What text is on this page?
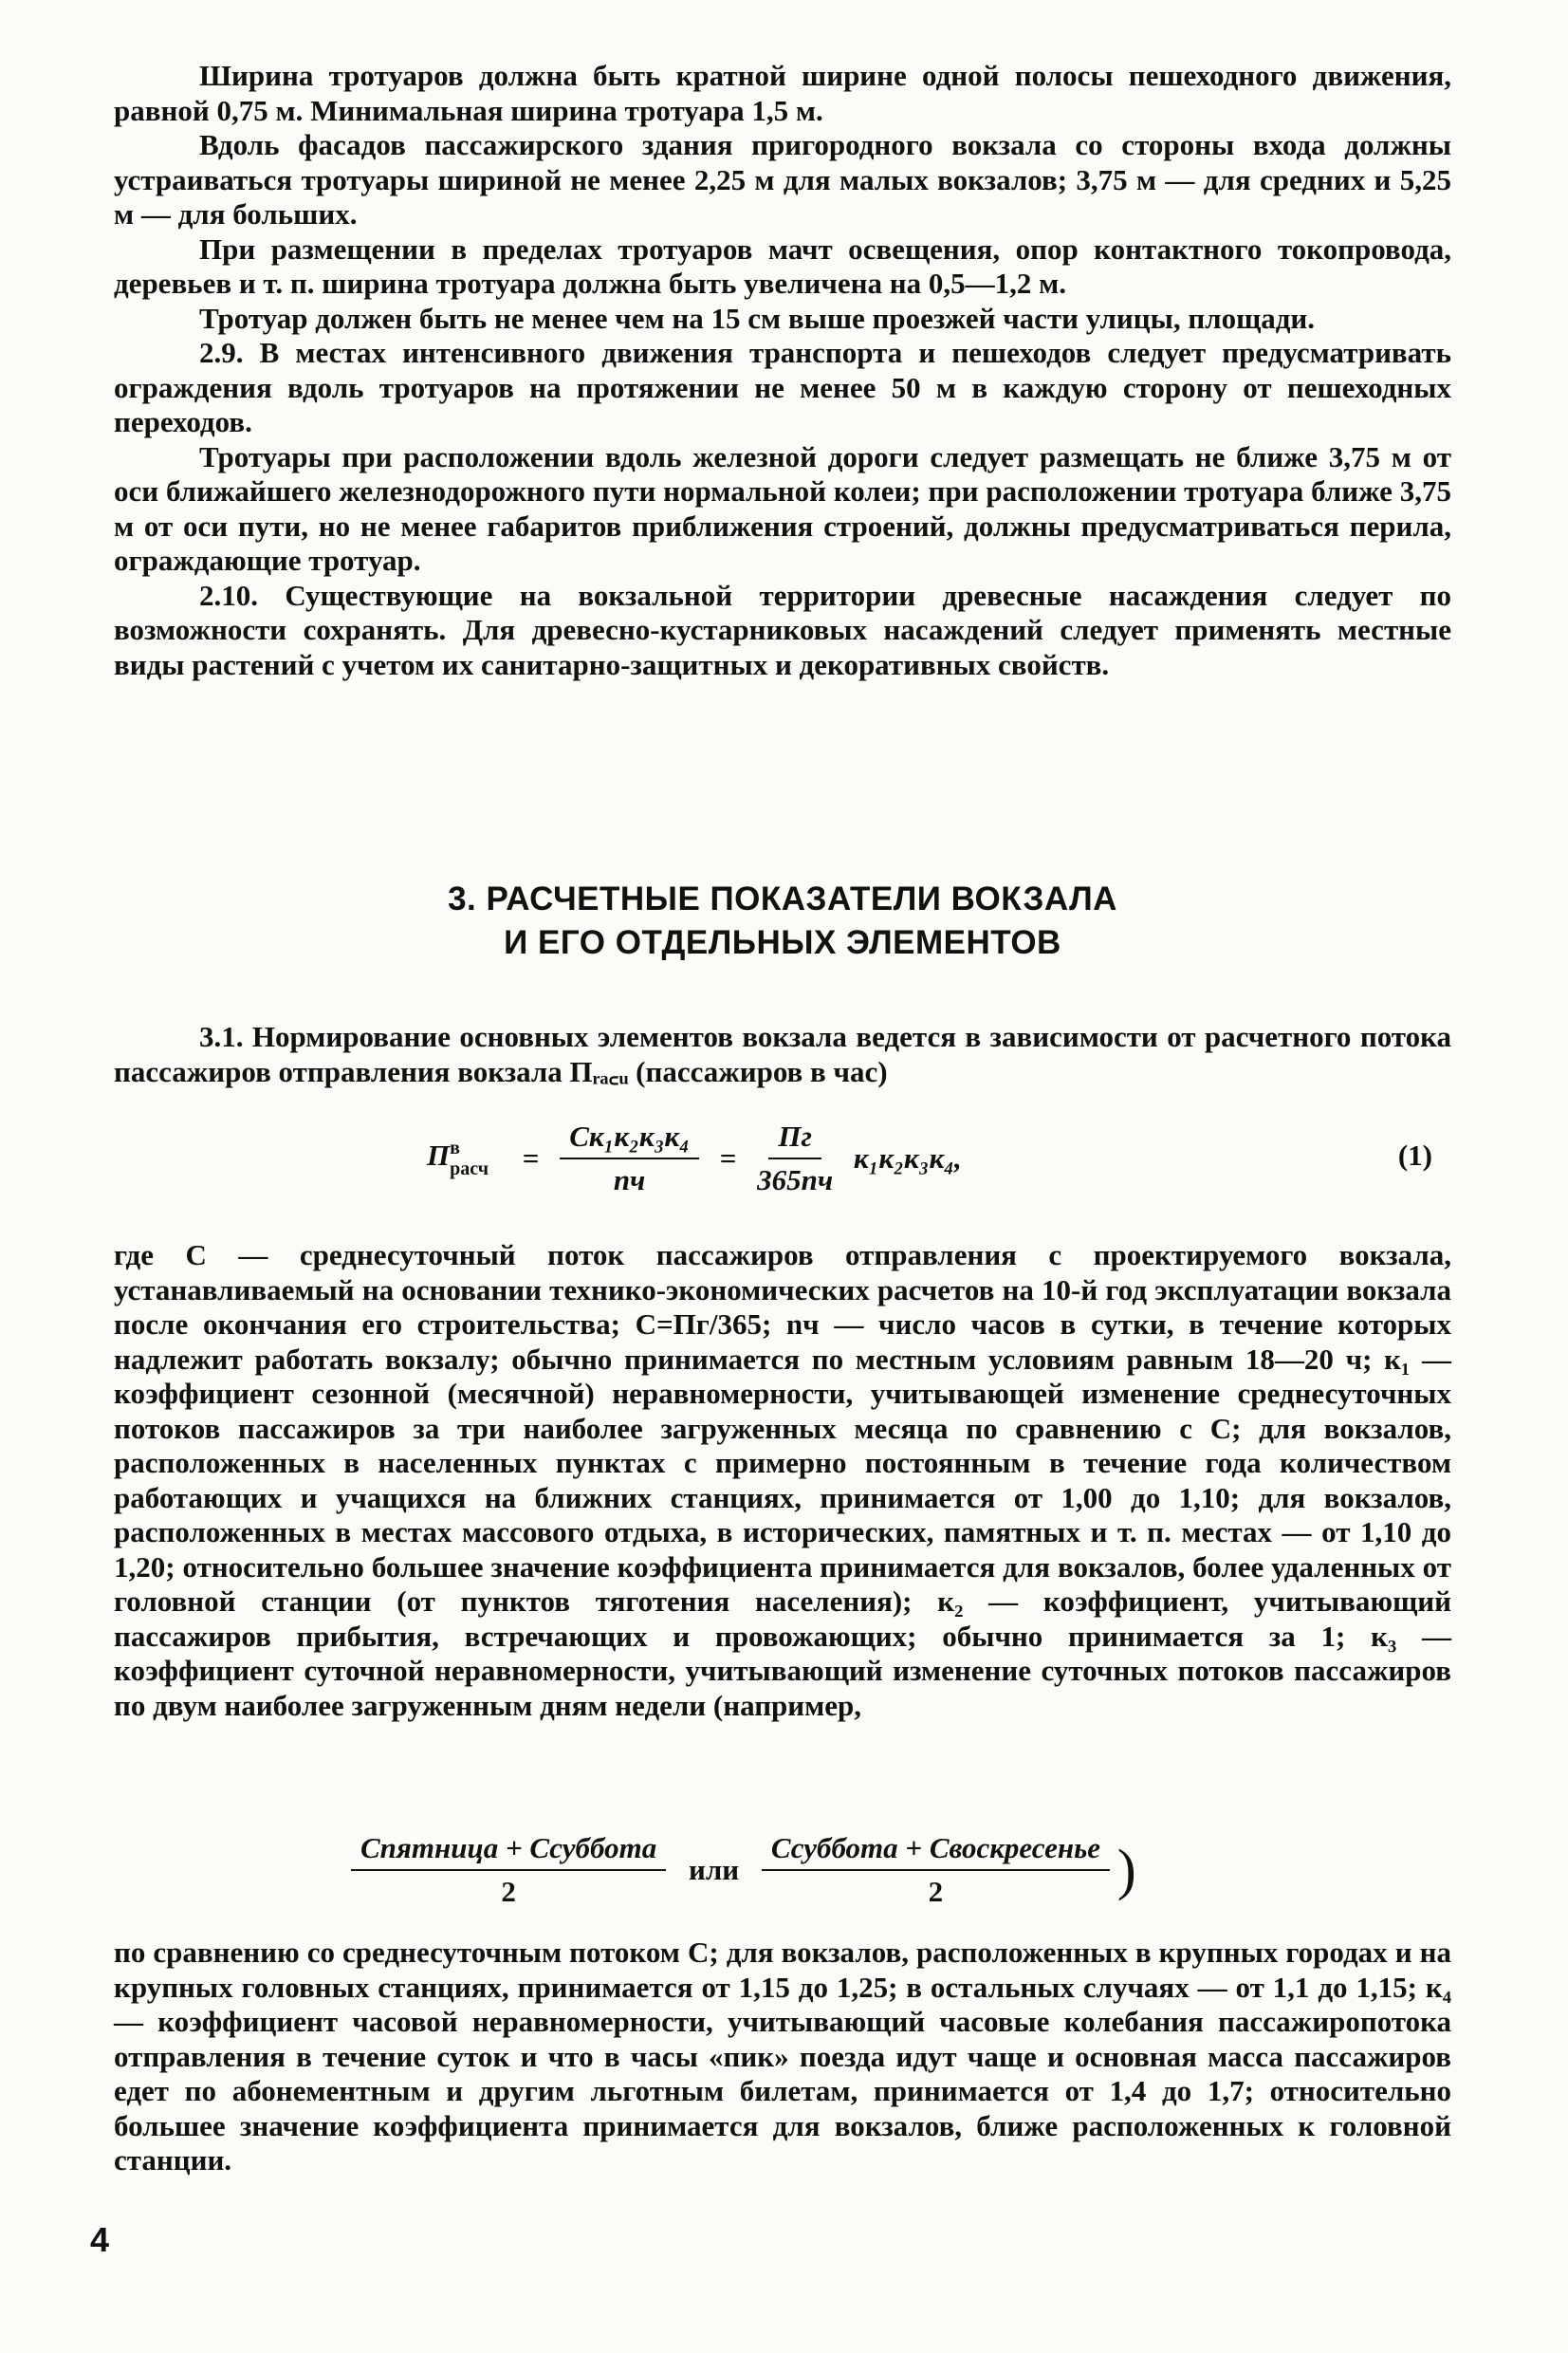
Ширина тротуаров должна быть кратной ширине одной полосы пешеходного движения, равной 0,75 м. Минимальная ширина тротуара 1,5 м.

Вдоль фасадов пассажирского здания пригородного вокзала со стороны входа должны устраиваться тротуары шириной не менее 2,25 м для малых вокзалов; 3,75 м — для средних и 5,25 м — для больших.

При размещении в пределах тротуаров мачт освещения, опор контактного токопровода, деревьев и т. п. ширина тротуара должна быть увеличена на 0,5—1,2 м.

Тротуар должен быть не менее чем на 15 см выше проезжей части улицы, площади.

2.9. В местах интенсивного движения транспорта и пешеходов следует предусматривать ограждения вдоль тротуаров на протяжении не менее 50 м в каждую сторону от пешеходных переходов.

Тротуары при расположении вдоль железной дороги следует размещать не ближе 3,75 м от оси ближайшего железнодорожного пути нормальной колеи; при расположении тротуара ближе 3,75 м от оси пути, но не менее габаритов приближения строений, должны предусматриваться перила, ограждающие тротуар.

2.10. Существующие на вокзальной территории древесные насаждения следует по возможности сохранять. Для древесно-кустарниковых насаждений следует применять местные виды растений с учетом их санитарно-защитных и декоративных свойств.

3. РАСЧЕТНЫЕ ПОКАЗАТЕЛИ ВОКЗАЛА
И ЕГО ОТДЕЛЬНЫХ ЭЛЕМЕНТОВ

3.1. Нормирование основных элементов вокзала ведется в зависимости от расчетного потока пассажиров отправления вокзала Пᵣₐ꜀ᵤ (пассажиров в час)

П в
расч = $\frac{\text{Ск₁к₂к₃к₄}}{nч} = \frac{Пг}{365nч} к_1к_2к_3к_4$,	(1)

где С — среднесуточный поток пассажиров отправления с проектируемого вокзала, устанавливаемый на основании технико-экономических расчетов на 10-й год эксплуатации вокзала после окончания его строительства; С=Пг/365; nч — число часов в сутки, в течение которых надлежит работать вокзалу; обычно принимается по местным условиям равным 18—20 ч; к₁ — коэффициент сезонной (месячной) неравномерности, учитывающей изменение среднесуточных потоков пассажиров за три наиболее загруженных месяца по сравнению с С; для вокзалов, расположенных в населенных пунктах с примерно постоянным в течение года количеством работающих и учащихся на ближних станциях, принимается от 1,00 до 1,10; для вокзалов, расположенных в местах массового отдыха, в исторических, памятных и т. п. местах — от 1,10 до 1,20; относительно большее значение коэффициента принимается для вокзалов, более удаленных от головной станции (от пунктов тяготения населения); к₂ — коэффициент, учитывающий пассажиров прибытия, встречающих и провожающих; обычно принимается за 1; к₃ — коэффициент суточной неравномерности, учитывающий изменение суточных потоков пассажиров по двум наиболее загруженным дням недели (например,

$\frac{\text{Спятница + Ссуббота}}{2}$ или $\frac{\text{Ссуббота + Своскресенье}}{2}$ )

по сравнению со среднесуточным потоком С; для вокзалов, расположенных в крупных городах и на крупных головных станциях, принимается от 1,15 до 1,25; в остальных случаях — от 1,1 до 1,15; к₄ — коэффициент часовой неравномерности, учитывающий часовые колебания пассажиропотока отправления в течение суток и что в часы «пик» поезда идут чаще и основная масса пассажиров едет по абонементным и другим льготным билетам, принимается от 1,4 до 1,7; относительно большее значение коэффициента принимается для вокзалов, ближе расположенных к головной станции.

4
